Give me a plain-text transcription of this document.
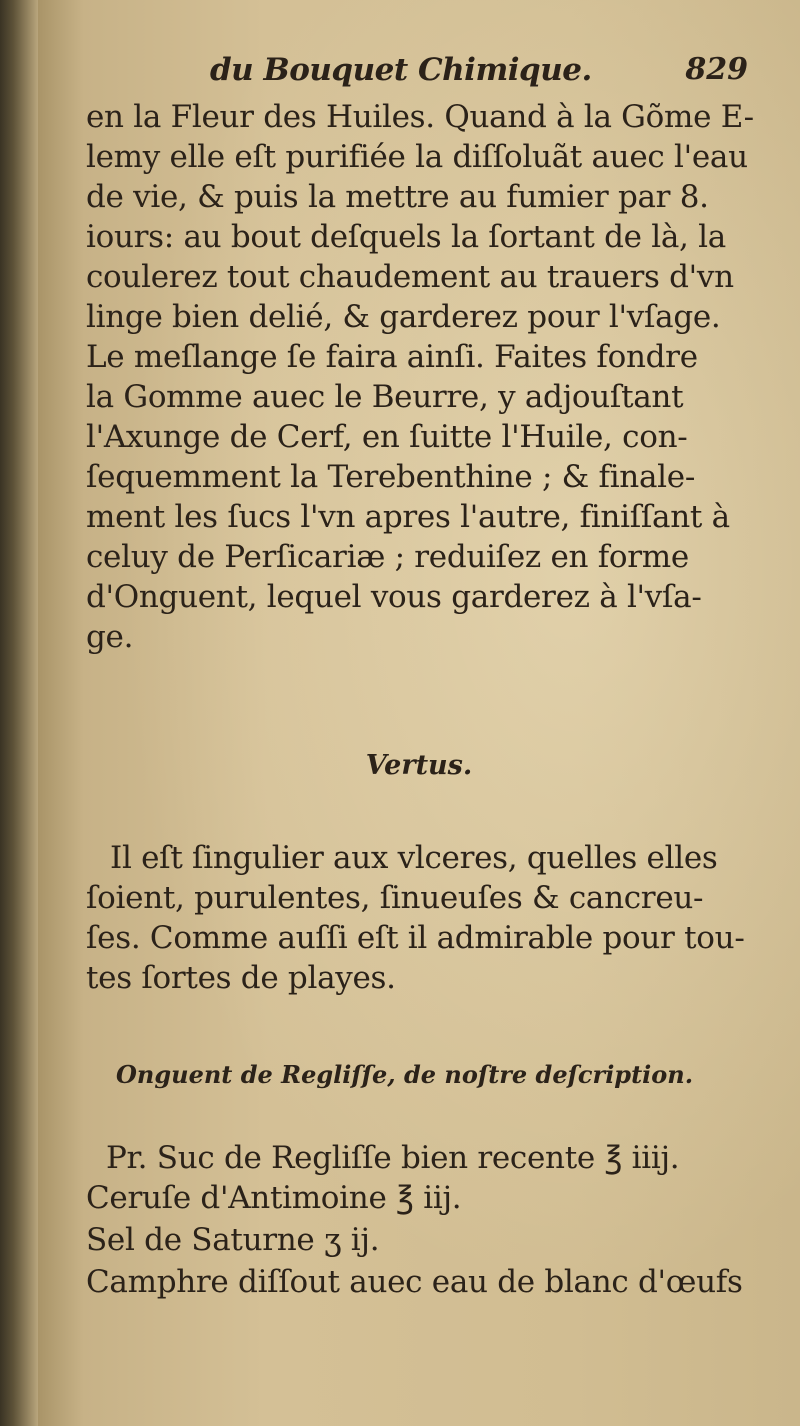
du Bouquet Chimique.	829
en la Fleur des Huiles. Quand à la Gõme E-
lemy elle eſt purifiée la diſſoluãt auec l'eau
de vie, & puis la mettre au fumier par 8.
iours: au bout deſquels la ſortant de là, la
coulerez tout chaudement au trauers d'vn
linge bien delié, & garderez pour l'vſage.
Le meſlange ſe faira ainſi. Faites fondre
la Gomme auec le Beurre, y adjouſtant
l'Axunge de Cerf, en ſuitte l'Huile, con-
ſequemment la Terebenthine ; & finale-
ment les ſucs l'vn apres l'autre, finiſſant à
celuy de Perſicariæ ; reduiſez en forme
d'Onguent, lequel vous garderez à l'vſa-
ge.
Vertus.
Il eſt ſingulier aux vlceres, quelles elles
ſoient, purulentes, ſinueuſes & cancreu-
ſes. Comme auſſi eſt il admirable pour tou-
tes ſortes de playes.
Onguent de Regliſſe, de noſtre deſcription.
Pr. Suc de Regliſſe bien recente ℥ iiij.
Ceruſe d'Antimoine ℥ iij.
Sel de Saturne ʒ ij.
Camphre diſſout auec eau de blanc d'œufs
